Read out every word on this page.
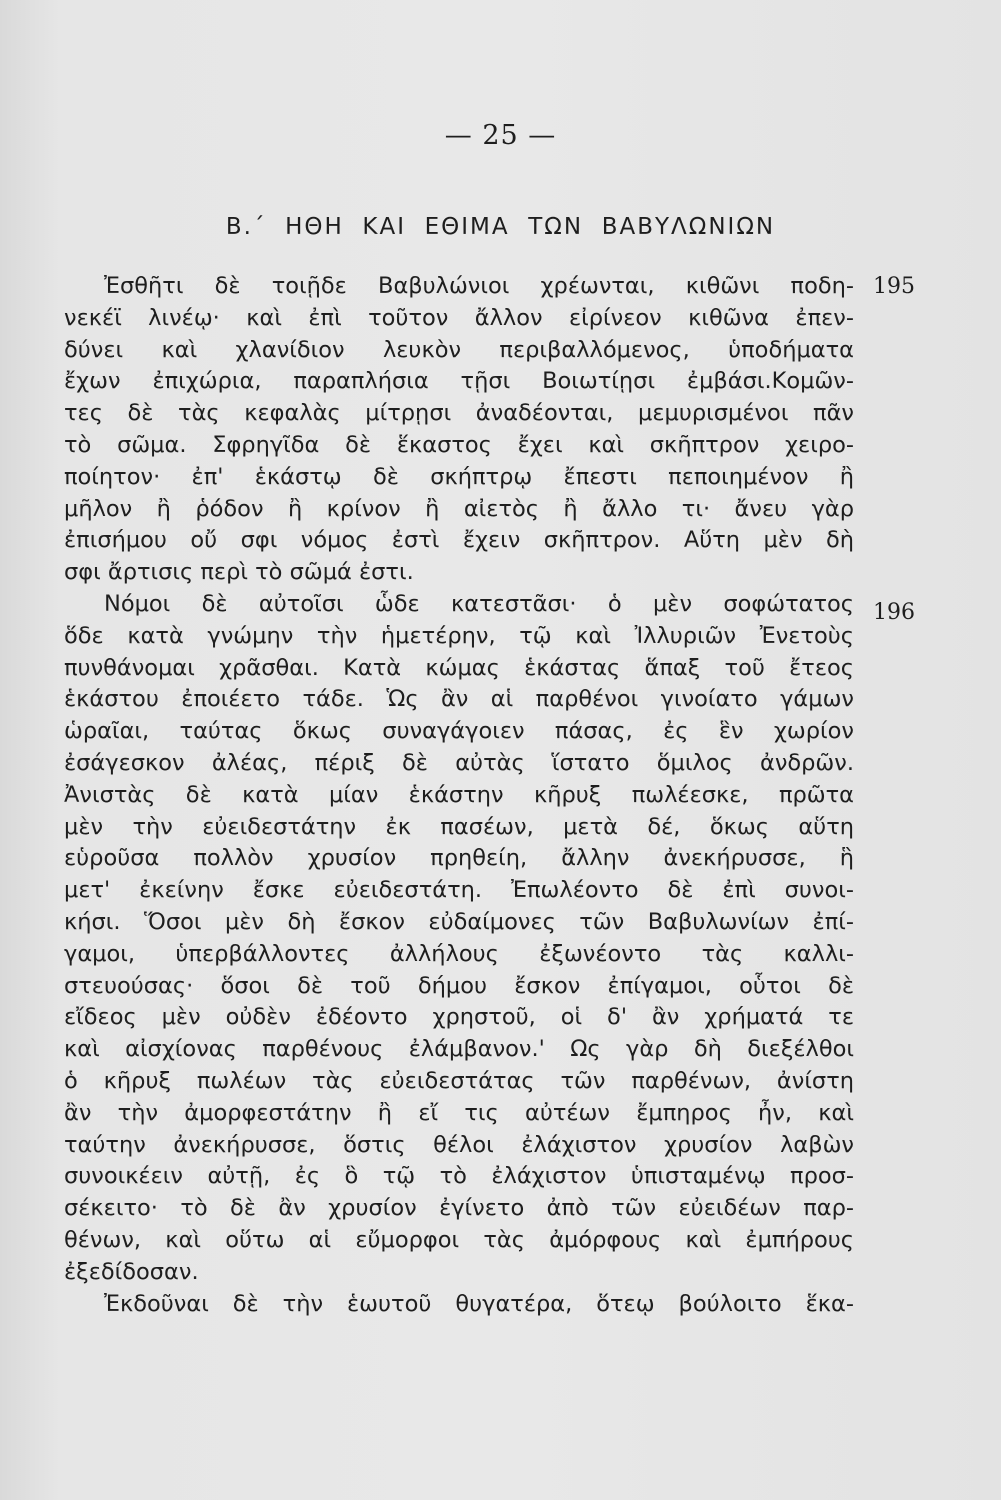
— 25 —
Β.΄  ΗΘΗ  ΚΑΙ  ΕΘΙΜΑ  ΤΩΝ  ΒΑΒΥΛΩΝΙΩΝ
195
196
Ἐσθῆτι δὲ τοιῇδε Βαβυλώνιοι χρέωνται, κιθῶνι ποδη-
νεκέϊ λινέῳ· καὶ ἐπὶ τοῦτον ἄλλον εἰρίνεον κιθῶνα ἐπεν-
δύνει καὶ χλανίδιον λευκὸν περιβαλλόμενος, ὑποδήματα
ἔχων ἐπιχώρια, παραπλήσια τῇσι Βοιωτίῃσι ἐμβάσι.Κομῶν-
τες δὲ τὰς κεφαλὰς μίτρῃσι ἀναδέονται, μεμυρισμένοι πᾶν
τὸ σῶμα. Σφρηγῖδα δὲ ἕκαστος ἔχει καὶ σκῆπτρον χειρο-
ποίητον· ἐπ' ἑκάστῳ δὲ σκήπτρῳ ἔπεστι πεποιημένον ἢ
μῆλον ἢ ῥόδον ἢ κρίνον ἢ αἰετὸς ἢ ἄλλο τι· ἄνευ γὰρ
ἐπισήμου οὔ σφι νόμος ἐστὶ ἔχειν σκῆπτρον. Αὕτη μὲν δὴ
σφι ἄρτισις περὶ τὸ σῶμά ἐστι.
Νόμοι δὲ αὐτοῖσι ὧδε κατεστᾶσι· ὁ μὲν σοφώτατος
ὅδε κατὰ γνώμην τὴν ἡμετέρην, τῷ καὶ Ἰλλυριῶν Ἐνετοὺς
πυνθάνομαι χρᾶσθαι. Κατὰ κώμας ἑκάστας ἅπαξ τοῦ ἔτεος
ἑκάστου ἐποιέετο τάδε. Ὡς ἂν αἱ παρθένοι γινοίατο γάμων
ὡραῖαι, ταύτας ὅκως συναγάγοιεν πάσας, ἐς ἓν χωρίον
ἐσάγεσκον ἀλέας, πέριξ δὲ αὐτὰς ἵστατο ὅμιλος ἀνδρῶν.
Ἀνιστὰς δὲ κατὰ μίαν ἑκάστην κῆρυξ πωλέεσκε, πρῶτα
μὲν τὴν εὐειδεστάτην ἐκ πασέων, μετὰ δέ, ὅκως αὕτη
εὑροῦσα πολλὸν χρυσίον πρηθείη, ἄλλην ἀνεκήρυσσε, ἣ
μετ' ἐκείνην ἔσκε εὐειδεστάτη. Ἐπωλέοντο δὲ ἐπὶ συνοι-
κήσι. Ὅσοι μὲν δὴ ἔσκον εὐδαίμονες τῶν Βαβυλωνίων ἐπί-
γαμοι, ὑπερβάλλοντες ἀλλήλους ἐξωνέοντο τὰς καλλι-
στευούσας· ὅσοι δὲ τοῦ δήμου ἔσκον ἐπίγαμοι, οὗτοι δὲ
εἴδεος μὲν οὐδὲν ἐδέοντο χρηστοῦ, οἱ δ' ἂν χρήματά τε
καὶ αἰσχίονας παρθένους ἐλάμβανον.' Ως γὰρ δὴ διεξέλθοι
ὁ κῆρυξ πωλέων τὰς εὐειδεστάτας τῶν παρθένων, ἀνίστη
ἂν τὴν ἀμορφεστάτην ἢ εἴ τις αὐτέων ἔμπηρος ἦν, καὶ
ταύτην ἀνεκήρυσσε, ὅστις θέλοι ἐλάχιστον χρυσίον λαβὼν
συνοικέειν αὐτῇ, ἐς ὃ τῷ τὸ ἐλάχιστον ὑπισταμένῳ προσ-
σέκειτο· τὸ δὲ ἂν χρυσίον ἐγίνετο ἀπὸ τῶν εὐειδέων παρ-
θένων, καὶ οὕτω αἱ εὔμορφοι τὰς ἀμόρφους καὶ ἐμπήρους
ἐξεδίδοσαν.
Ἐκδοῦναι δὲ τὴν ἑωυτοῦ θυγατέρα, ὅτεῳ βούλοιτο ἕκα-
